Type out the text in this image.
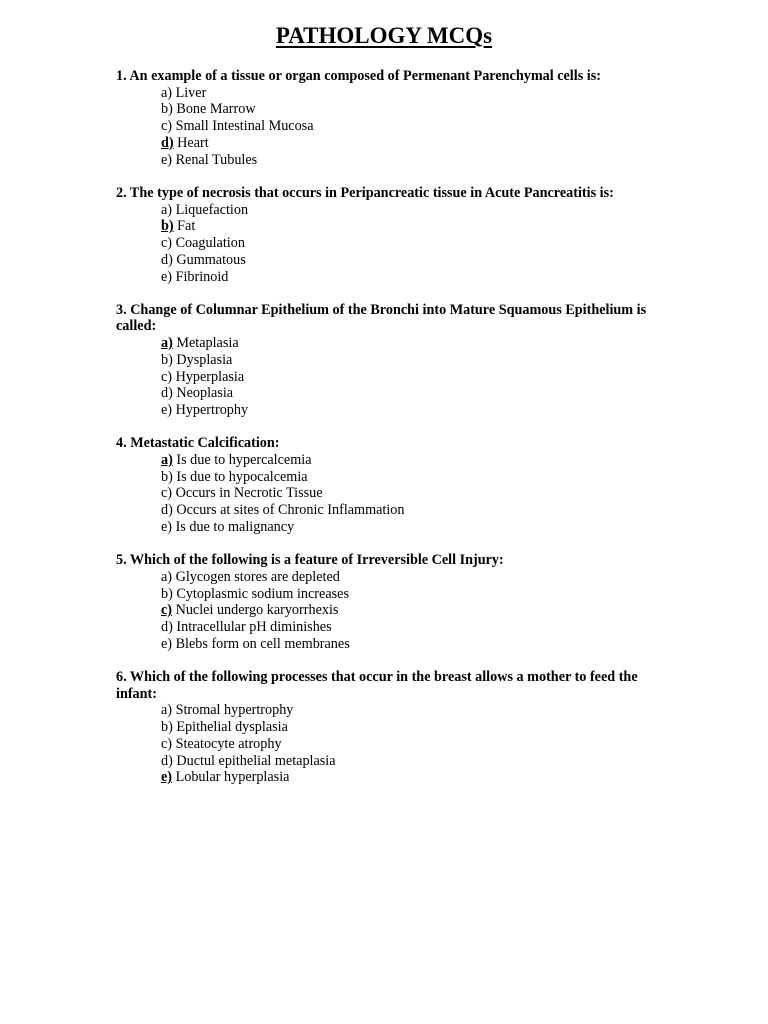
PATHOLOGY MCQs

1. An example of a tissue or organ composed of Permenant Parenchymal cells is:

a) Liver
b) Bone Marrow
c) Small Intestinal Mucosa
d) Heart
e) Renal Tubules

2. The type of necrosis that occurs in Peripancreatic tissue in Acute Pancreatitis is:

a) Liquefaction
b) Fat
c) Coagulation
d) Gummatous
e) Fibrinoid

3. Change of Columnar Epithelium of the Bronchi into Mature Squamous Epithelium is called:

a) Metaplasia
b) Dysplasia
c) Hyperplasia
d) Neoplasia
e) Hypertrophy

4. Metastatic Calcification:

a) Is due to hypercalcemia
b) Is due to hypocalcemia
c) Occurs in Necrotic Tissue
d) Occurs at sites of Chronic Inflammation
e) Is due to malignancy

5. Which of the following is a feature of Irreversible Cell Injury:

a) Glycogen stores are depleted
b) Cytoplasmic sodium increases
c) Nuclei undergo karyorrhexis
d) Intracellular pH diminishes
e) Blebs form on cell membranes

6. Which of the following processes that occur in the breast allows a mother to feed the infant:

a) Stromal hypertrophy
b) Epithelial dysplasia
c) Steatocyte atrophy
d) Ductul epithelial metaplasia
e) Lobular hyperplasia
